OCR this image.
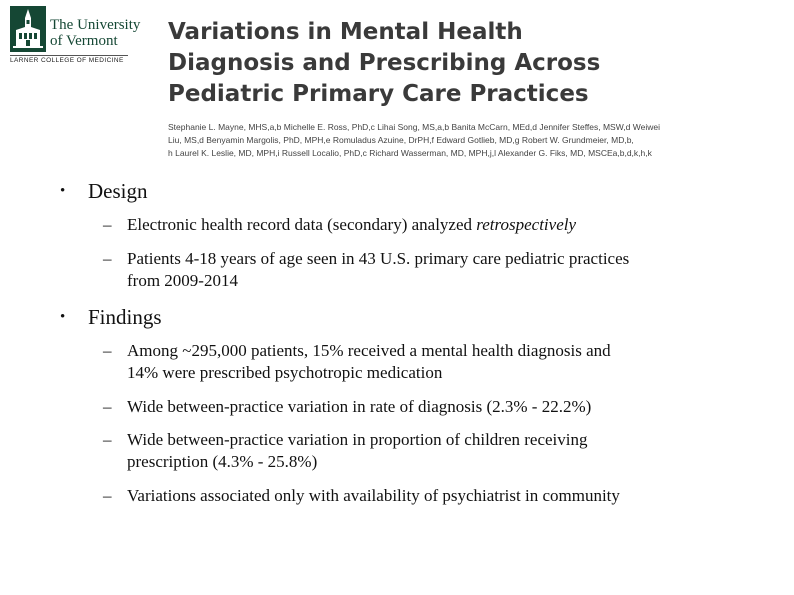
The University
of Vermont
LARNER COLLEGE OF MEDICINE
Variations in Mental Health
Diagnosis and Prescribing Across
Pediatric Primary Care Practices
Stephanie L. Mayne, MHS,a,b Michelle E. Ross, PhD,c Lihai Song, MS,a,b Banita McCarn, MEd,d Jennifer Steffes, MSW,d Weiwei
Liu, MS,d Benyamin Margolis, PhD, MPH,e Romuladus Azuine, DrPH,f Edward Gotlieb, MD,g Robert W. Grundmeier, MD,b,
h Laurel K. Leslie, MD, MPH,i Russell Localio, PhD,c Richard Wasserman, MD, MPH,j,l Alexander G. Fiks, MD, MSCEa,b,d,k,h,k
• Design
– Electronic health record data (secondary) analyzed retrospectively
– Patients 4-18 years of age seen in 43 U.S. primary care pediatric practices
from 2009-2014
• Findings
– Among ~295,000 patients, 15% received a mental health diagnosis and
14% were prescribed psychotropic medication
– Wide between-practice variation in rate of diagnosis (2.3% - 22.2%)
– Wide between-practice variation in proportion of children receiving
prescription (4.3% - 25.8%)
– Variations associated only with availability of psychiatrist in community
